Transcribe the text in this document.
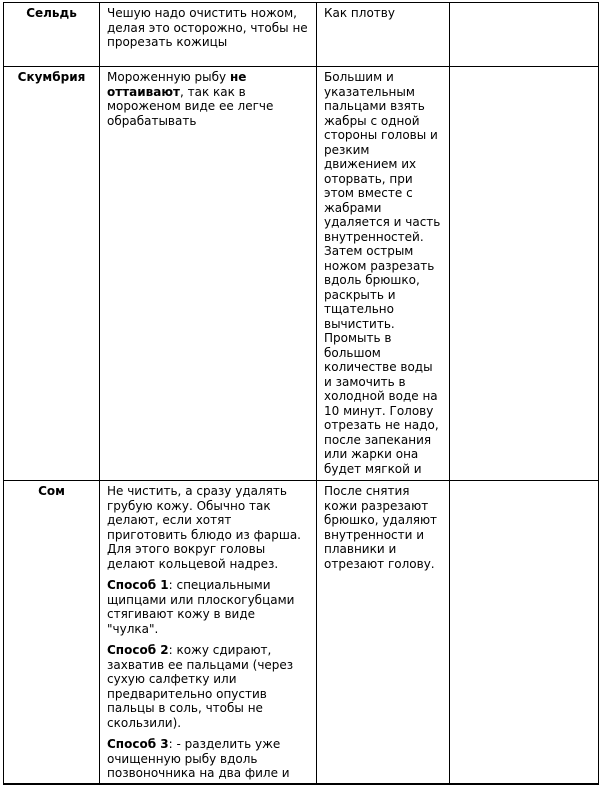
Сельдь	Чешую надо очистить ножом, делая это осторожно, чтобы не прорезать кожицы	Как плотву	

Скумбрия	Мороженную рыбу не оттаивают, так как в мороженом виде ее легче обрабатывать	Большим и указательным пальцами взять жабры с одной стороны головы и резким движением их оторвать, при этом вместе с жабрами удаляется и часть внутренностей. Затем острым ножом разрезать вдоль брюшко, раскрыть и тщательно вычистить. Промыть в большом количестве воды и замочить в холодной воде на 10 минут. Голову отрезать не надо, после запекания или жарки она будет мягкой и	

Сом	Не чистить, а сразу удалять грубую кожу. Обычно так делают, если хотят приготовить блюдо из фарша. Для этого вокруг головы делают кольцевой надрез.

Способ 1: специальными щипцами или плоскогубцами стягивают кожу в виде "чулка".

Способ 2: кожу сдирают, захватив ее пальцами (через сухую салфетку или предварительно опустив пальцы в соль, чтобы не скользили).

Способ 3: - разделить уже очищенную рыбу вдоль позвоночника на два филе и	После снятия кожи разрезают брюшко, удаляют внутренности и плавники и отрезают голову.	
